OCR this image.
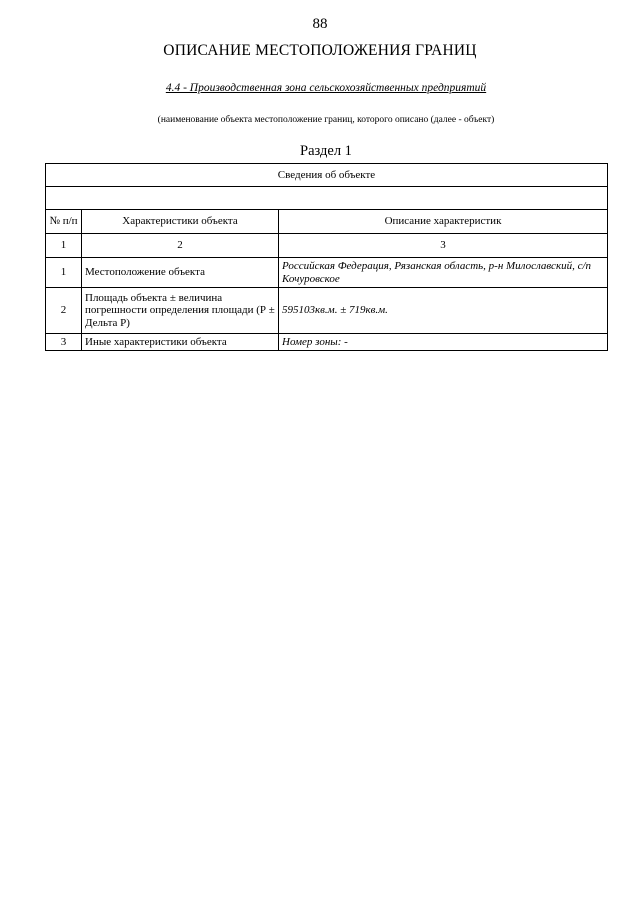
88
ОПИСАНИЕ МЕСТОПОЛОЖЕНИЯ ГРАНИЦ
4.4 - Производственная зона сельскохозяйственных предприятий
(наименование объекта местоположение границ, которого описано (далее - объект)
Раздел 1
Сведения об объекте		

№ п/п	Характеристики объекта	Описание характеристик
1	2	3
1	Местоположение объекта	Российская Федерация, Рязанская область, р-н Милославский, с/п Кочуровское
2	Площадь объекта ± величина погрешности определения площади (Р ± Дельта Р)	595103кв.м. ± 719кв.м.
3	Иные характеристики объекта	Номер зоны: -
